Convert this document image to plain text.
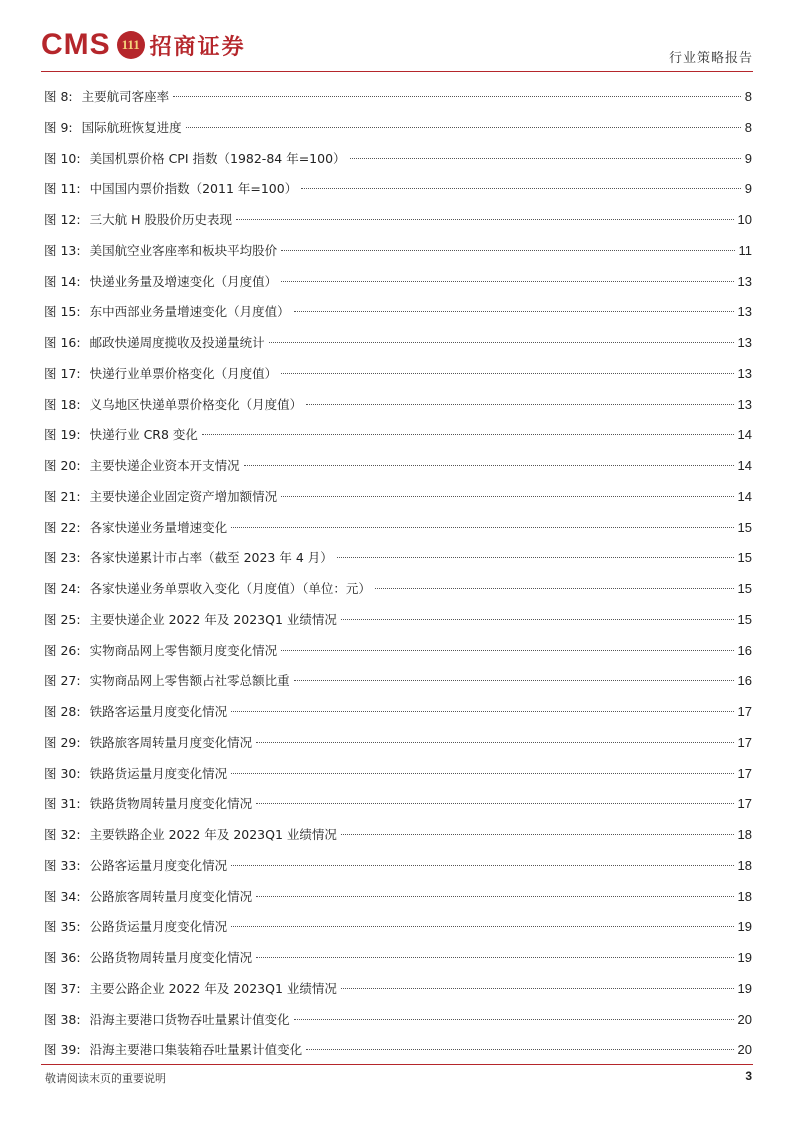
CMS 111 招商证券	行业策略报告
图 8: 主要航司客座率	8
图 9: 国际航班恢复进度	8
图 10: 美国机票价格 CPI 指数（1982-84 年=100）	9
图 11: 中国国内票价指数（2011 年=100）	9
图 12: 三大航 H 股股价历史表现	10
图 13: 美国航空业客座率和板块平均股价	11
图 14: 快递业务量及增速变化（月度值）	13
图 15: 东中西部业务量增速变化（月度值）	13
图 16: 邮政快递周度揽收及投递量统计	13
图 17: 快递行业单票价格变化（月度值）	13
图 18: 义乌地区快递单票价格变化（月度值）	13
图 19: 快递行业 CR8 变化	14
图 20: 主要快递企业资本开支情况	14
图 21: 主要快递企业固定资产增加额情况	14
图 22: 各家快递业务量增速变化	15
图 23: 各家快递累计市占率（截至 2023 年 4 月）	15
图 24: 各家快递业务单票收入变化（月度值）（单位：元）	15
图 25: 主要快递企业 2022 年及 2023Q1 业绩情况	15
图 26: 实物商品网上零售额月度变化情况	16
图 27: 实物商品网上零售额占社零总额比重	16
图 28: 铁路客运量月度变化情况	17
图 29: 铁路旅客周转量月度变化情况	17
图 30: 铁路货运量月度变化情况	17
图 31: 铁路货物周转量月度变化情况	17
图 32: 主要铁路企业 2022 年及 2023Q1 业绩情况	18
图 33: 公路客运量月度变化情况	18
图 34: 公路旅客周转量月度变化情况	18
图 35: 公路货运量月度变化情况	19
图 36: 公路货物周转量月度变化情况	19
图 37: 主要公路企业 2022 年及 2023Q1 业绩情况	19
图 38: 沿海主要港口货物吞吐量累计值变化	20
图 39: 沿海主要港口集装箱吞吐量累计值变化	20
敬请阅读末页的重要说明	3
